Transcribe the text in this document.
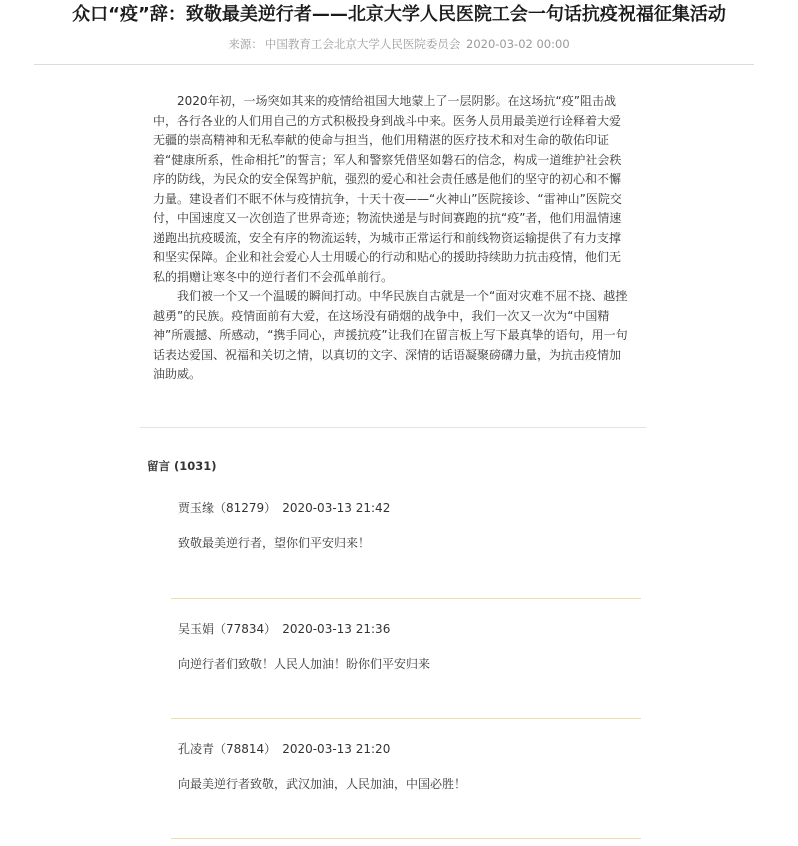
众口“疫”辞：致敬最美逆行者——北京大学人民医院工会一句话抗疫祝福征集活动
来源： 中国教育工会北京大学人民医院委员会 2020-03-02 00:00

2020年初，一场突如其来的疫情给祖国大地蒙上了一层阴影。在这场抗“疫”阻击战中，各行各业的人们用自己的方式积极投身到战斗中来。医务人员用最美逆行诠释着大爱无疆的崇高精神和无私奉献的使命与担当，他们用精湛的医疗技术和对生命的敬佑印证着“健康所系，性命相托”的誓言；军人和警察凭借坚如磐石的信念，构成一道维护社会秩序的防线，为民众的安全保驾护航，强烈的爱心和社会责任感是他们的坚守的初心和不懈力量。建设者们不眠不休与疫情抗争，十天十夜——“火神山”医院接诊、“雷神山”医院交付，中国速度又一次创造了世界奇迹；物流快递是与时间赛跑的抗“疫”者，他们用温情速递跑出抗疫暖流，安全有序的物流运转，为城市正常运行和前线物资运输提供了有力支撑和坚实保障。企业和社会爱心人士用暖心的行动和贴心的援助持续助力抗击疫情，他们无私的捐赠让寒冬中的逆行者们不会孤单前行。

我们被一个又一个温暖的瞬间打动。中华民族自古就是一个“面对灾难不屈不挠、越挫越勇”的民族。疫情面前有大爱，在这场没有硝烟的战争中，我们一次又一次为“中国精神”所震撼、所感动，“携手同心，声援抗疫”让我们在留言板上写下最真挚的语句，用一句话表达爱国、祝福和关切之情，以真切的文字、深情的话语凝聚磅礴力量，为抗击疫情加油助威。

留言 (1031)
贾玉缘（81279） 2020-03-13 21:42
致敬最美逆行者，望你们平安归来！
吴玉娟（77834） 2020-03-13 21:36
向逆行者们致敬！人民人加油！盼你们平安归来
孔凌青（78814） 2020-03-13 21:20
向最美逆行者致敬，武汉加油，人民加油，中国必胜！
